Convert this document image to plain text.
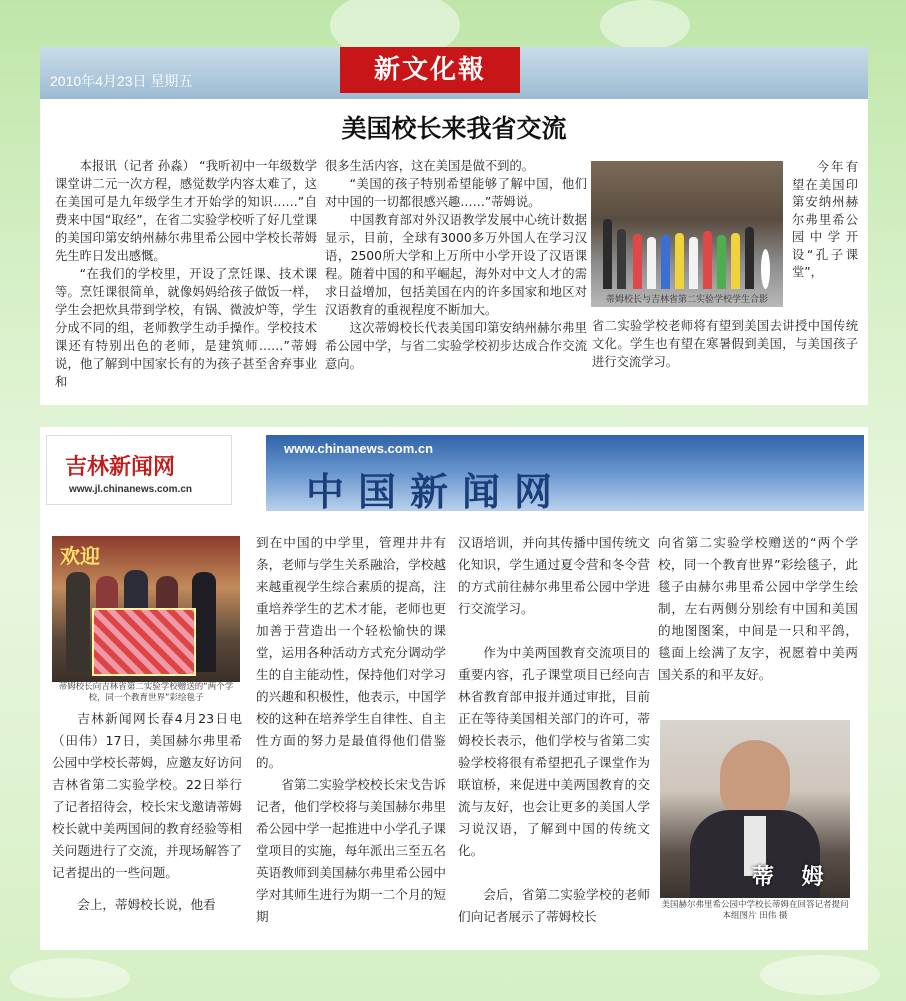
2010年4月23日 星期五	新文化報
美国校长来我省交流

本报讯（记者 孙淼） “我听初中一年级数学课堂讲二元一次方程，感觉数学内容太难了，这在美国可是九年级学生才开始学的知识……”自费来中国“取经”，在省二实验学校听了好几堂课的美国印第安纳州赫尔弗里希公园中学校长蒂姆先生昨日发出感慨。

“在我们的学校里，开设了烹饪课、技术课等。烹饪课很简单，就像妈妈给孩子做饭一样，学生会把炊具带到学校，有锅、微波炉等，学生分成不同的组，老师教学生动手操作。学校技术课还有特别出色的老师，是建筑师……”蒂姆说，他了解到中国家长有的为孩子甚至舍弃事业和

很多生活内容，这在美国是做不到的。

“美国的孩子特别希望能够了解中国，他们对中国的一切都很感兴趣……”蒂姆说。

中国教育部对外汉语教学发展中心统计数据显示，目前，全球有3000多万外国人在学习汉语，2500所大学和上万所中小学开设了汉语课程。随着中国的和平崛起，海外对中文人才的需求日益增加，包括美国在内的许多国家和地区对汉语教育的重视程度不断加大。

这次蒂姆校长代表美国印第安纳州赫尔弗里希公园中学，与省二实验学校初步达成合作交流意向。

蒂姆校长与吉林省第二实验学校学生合影

今年有望在美国印第安纳州赫尔弗里希公园中学开设“孔子课堂”，

省二实验学校老师将有望到美国去讲授中国传统文化。学生也有望在寒暑假到美国，与美国孩子进行交流学习。

吉林新闻网
www.jl.chinanews.com.cn
www.chinanews.com.cn
中国新闻网
欢迎
蒂姆校长向吉林省第二实验学校赠送的“两个学校，同一个教育世界”彩绘毯子

吉林新闻网长春4月23日电（田伟）17日，美国赫尔弗里希公园中学校长蒂姆，应邀友好访问吉林省第二实验学校。22日举行了记者招待会，校长宋戈邀请蒂姆校长就中美两国间的教育经验等相关问题进行了交流，并现场解答了记者提出的一些问题。

会上，蒂姆校长说，他看

到在中国的中学里，管理井井有条，老师与学生关系融洽，学校越来越重视学生综合素质的提高，注重培养学生的艺术才能，老师也更加善于营造出一个轻松愉快的课堂，运用各种活动方式充分调动学生的自主能动性，保持他们对学习的兴趣和积极性，他表示，中国学校的这种在培养学生自律性、自主性方面的努力是最值得他们借鉴的。

省第二实验学校校长宋戈告诉记者，他们学校将与美国赫尔弗里希公园中学一起推进中小学孔子课堂项目的实施，每年派出三至五名英语教师到美国赫尔弗里希公园中学对其师生进行为期一二个月的短期

汉语培训，并向其传播中国传统文化知识，学生通过夏令营和冬令营的方式前往赫尔弗里希公园中学进行交流学习。

作为中美两国教育交流项目的重要内容，孔子课堂项目已经向吉林省教育部申报并通过审批，目前正在等待美国相关部门的许可，蒂姆校长表示，他们学校与省第二实验学校将很有希望把孔子课堂作为联谊桥，来促进中美两国教育的交流与友好，也会让更多的美国人学习说汉语，了解到中国的传统文化。

会后，省第二实验学校的老师们向记者展示了蒂姆校长

向省第二实验学校赠送的“两个学校，同一个教育世界”彩绘毯子，此毯子由赫尔弗里希公园中学学生绘制，左右两侧分别绘有中国和美国的地图图案，中间是一只和平鸽，毯面上绘满了友字，祝愿着中美两国关系的和平友好。

蒂 姆
美国赫尔弗里希公园中学校长蒂姆在回答记者提问 本组图片 田伟 摄
